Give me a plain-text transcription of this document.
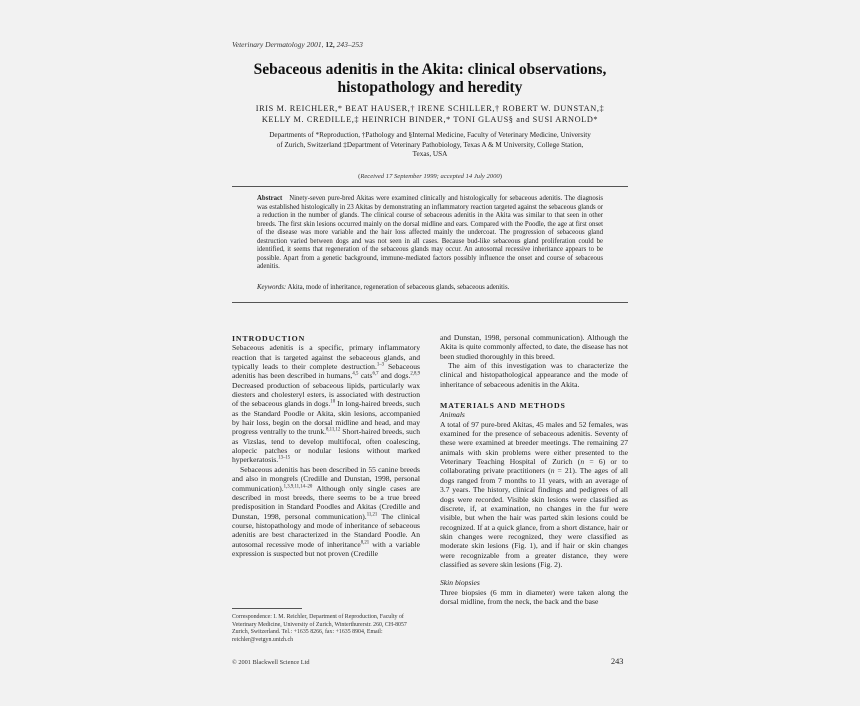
Veterinary Dermatology 2001, 12, 243–253
Sebaceous adenitis in the Akita: clinical observations,
histopathology and heredity
IRIS M. REICHLER,* BEAT HAUSER,† IRENE SCHILLER,† ROBERT W. DUNSTAN,‡
KELLY M. CREDILLE,‡ HEINRICH BINDER,* TONI GLAUS§ and SUSI ARNOLD*
Departments of *Reproduction, †Pathology and §Internal Medicine, Faculty of Veterinary Medicine, University
of Zurich, Switzerland ‡Department of Veterinary Pathobiology, Texas A & M University, College Station,
Texas, USA
(Received 17 September 1999; accepted 14 July 2000)
Abstract Ninety-seven pure-bred Akitas were examined clinically and histologically for sebaceous adenitis. The diagnosis was established histologically in 23 Akitas by demonstrating an inflammatory reaction targeted against the sebaceous glands or a reduction in the number of glands. The clinical course of sebaceous adenitis in the Akita was similar to that seen in other breeds. The first skin lesions occurred mainly on the dorsal midline and ears. Compared with the Poodle, the age at first onset of the disease was more variable and the hair loss affected mainly the undercoat. The progression of sebaceous gland destruction varied between dogs and was not seen in all cases. Because bud-like sebaceous gland proliferation could be identified, it seems that regeneration of the sebaceous glands may occur. An autosomal recessive inheritance appears to be possible. Apart from a genetic background, immune-mediated factors possibly influence the onset and course of sebaceous adenitis.
Keywords: Akita, mode of inheritance, regeneration of sebaceous glands, sebaceous adenitis.

INTRODUCTION

Sebaceous adenitis is a specific, primary inflammatory reaction that is targeted against the sebaceous glands, and typically leads to their complete destruction.$^{1-3}$ Sebaceous adenitis has been described in humans,$^{4,5}$ cats$^{6,7}$ and dogs.$^{2,8,9}$ Decreased production of sebaceous lipids, particularly wax diesters and cholesteryl esters, is associated with destruction of the sebaceous glands in dogs.$^{10}$ In long-haired breeds, such as the Standard Poodle or Akita, skin lesions, accompanied by hair loss, begin on the dorsal midline and head, and may progress ventrally to the trunk.$^{8,11,12}$ Short-haired breeds, such as Vizslas, tend to develop multifocal, often coalescing, alopecic patches or nodular lesions without marked hyperkeratosis.$^{13-15}$

Sebaceous adenitis has been described in 55 canine breeds and also in mongrels (Credille and Dunstan, 1998, personal communication).$^{1,3,9,11,14-20}$ Although only single cases are described in most breeds, there seems to be a true breed predisposition in Standard Poodles and Akitas (Credille and Dunstan, 1998, personal communication).$^{11,21}$ The clinical course, histopathology and mode of inheritance of sebaceous adenitis are best characterized in the Standard Poodle. An autosomal recessive mode of inheritance$^{8,21}$ with a variable expression is suspected but not proven (Credille

and Dunstan, 1998, personal communication). Although the Akita is quite commonly affected, to date, the disease has not been studied thoroughly in this breed.

The aim of this investigation was to characterize the clinical and histopathological appearance and the mode of inheritance of sebaceous adenitis in the Akita.

MATERIALS AND METHODS

Animals

A total of 97 pure-bred Akitas, 45 males and 52 females, was examined for the presence of sebaceous adenitis. Seventy of these were examined at breeder meetings. The remaining 27 animals with skin problems were either presented to the Veterinary Teaching Hospital of Zurich (n = 6) or to collaborating private practitioners (n = 21). The ages of all dogs ranged from 7 months to 11 years, with an average of 3.7 years. The history, clinical findings and pedigrees of all dogs were recorded. Visible skin lesions were classified as discrete, if, at examination, no changes in the fur were visible, but when the hair was parted skin lesions could be recognized. If at a quick glance, from a short distance, hair or skin changes were recognized, they were classified as moderate skin lesions (Fig. 1), and if hair or skin changes were recognizable from a greater distance, they were classified as severe skin lesions (Fig. 2).

Skin biopsies

Three biopsies (6 mm in diameter) were taken along the dorsal midline, from the neck, the back and the base

Correspondence: I. M. Reichler, Department of Reproduction, Faculty of Veterinary Medicine, University of Zurich, Winterthurerstr. 260, CH-8057 Zurich, Switzerland. Tel.: +1635 8266, fax: +1635 8904, Email: reichler@vetgyn.unizh.ch
© 2001 Blackwell Science Ltd	243
